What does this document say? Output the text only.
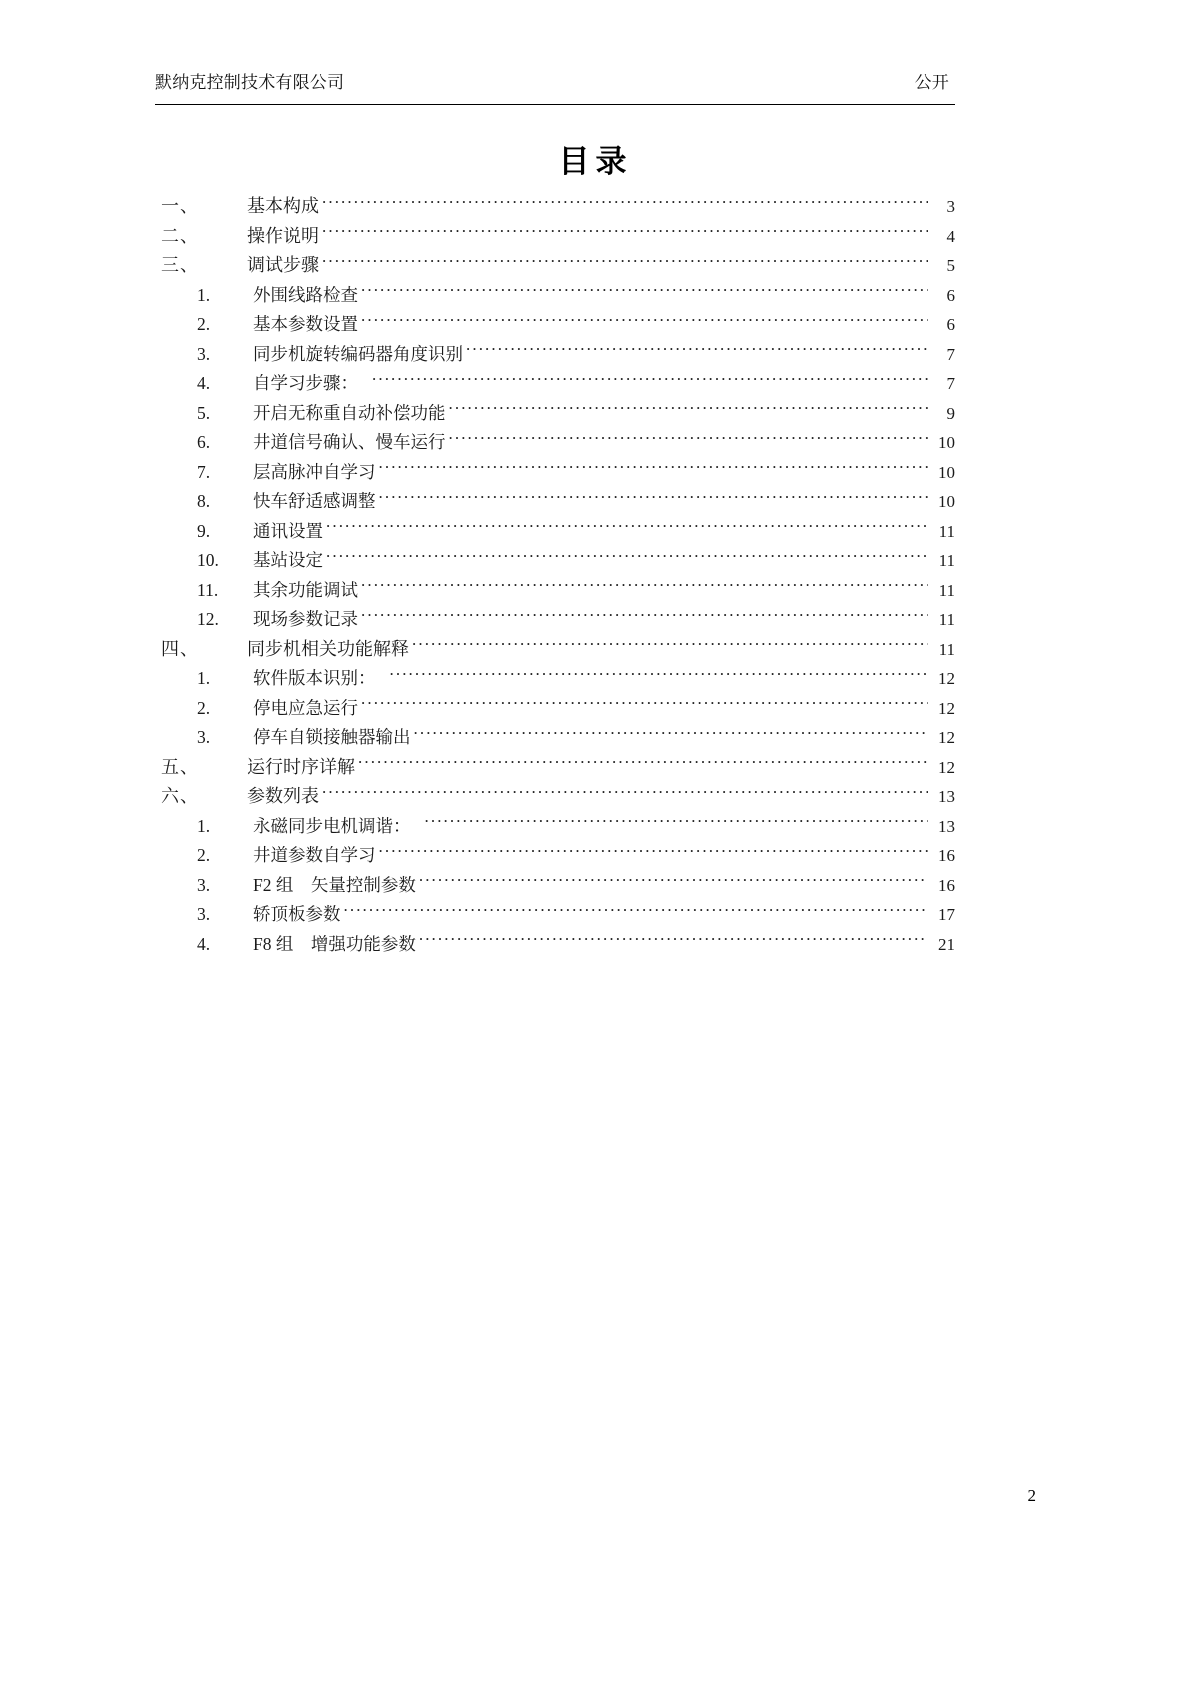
默纳克控制技术有限公司	公开
目录
一、	基本构成 .....	3
二、	操作说明 .....	4
三、	调试步骤 .....	5
1.	外围线路检查 .....	6
2.	基本参数设置 .....	6
3.	同步机旋转编码器角度识别 .....	7
4.	自学习步骤： .....	7
5.	开启无称重自动补偿功能 .....	9
6.	井道信号确认、慢车运行 .....	10
7.	层高脉冲自学习 .....	10
8.	快车舒适感调整 .....	10
9.	通讯设置 .....	11
10.	基站设定 .....	11
11.	其余功能调试 .....	11
12.	现场参数记录 .....	11
四、	同步机相关功能解释 .....	11
1.	软件版本识别： .....	12
2.	停电应急运行 .....	12
3.	停车自锁接触器输出 .....	12
五、	运行时序详解 .....	12
六、	参数列表 .....	13
1.	永磁同步电机调谐： .....	13
2.	井道参数自学习 .....	16
3.	F2 组　矢量控制参数 .....	16
3.	轿顶板参数 .....	17
4.	F8 组　增强功能参数 .....	21
2
